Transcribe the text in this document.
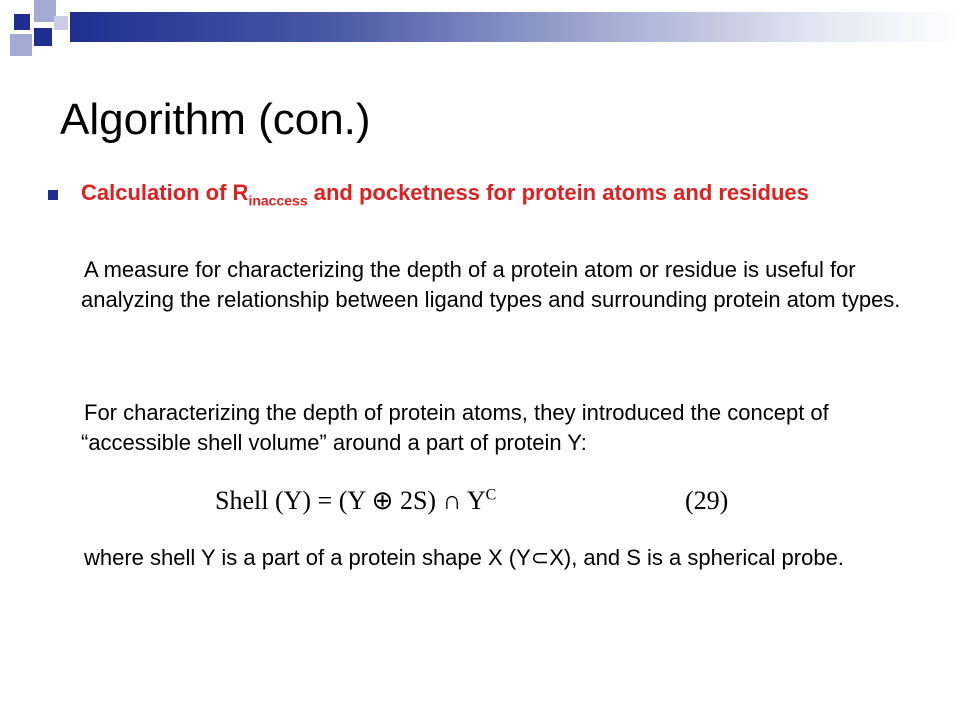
Algorithm (con.)
Calculation of $R_{inaccess}$ and pocketness for protein atoms and residues

A measure for characterizing the depth of a protein atom or residue is useful for analyzing the relationship between ligand types and surrounding protein atom types.

For characterizing the depth of protein atoms, they introduced the concept of “accessible shell volume” around a part of protein Y:

Shell (Y) = (Y ⊕ 2S) ∩ $Y^C$	(29)

where shell Y is a part of a protein shape X (Y⊂X), and S is a spherical probe.
